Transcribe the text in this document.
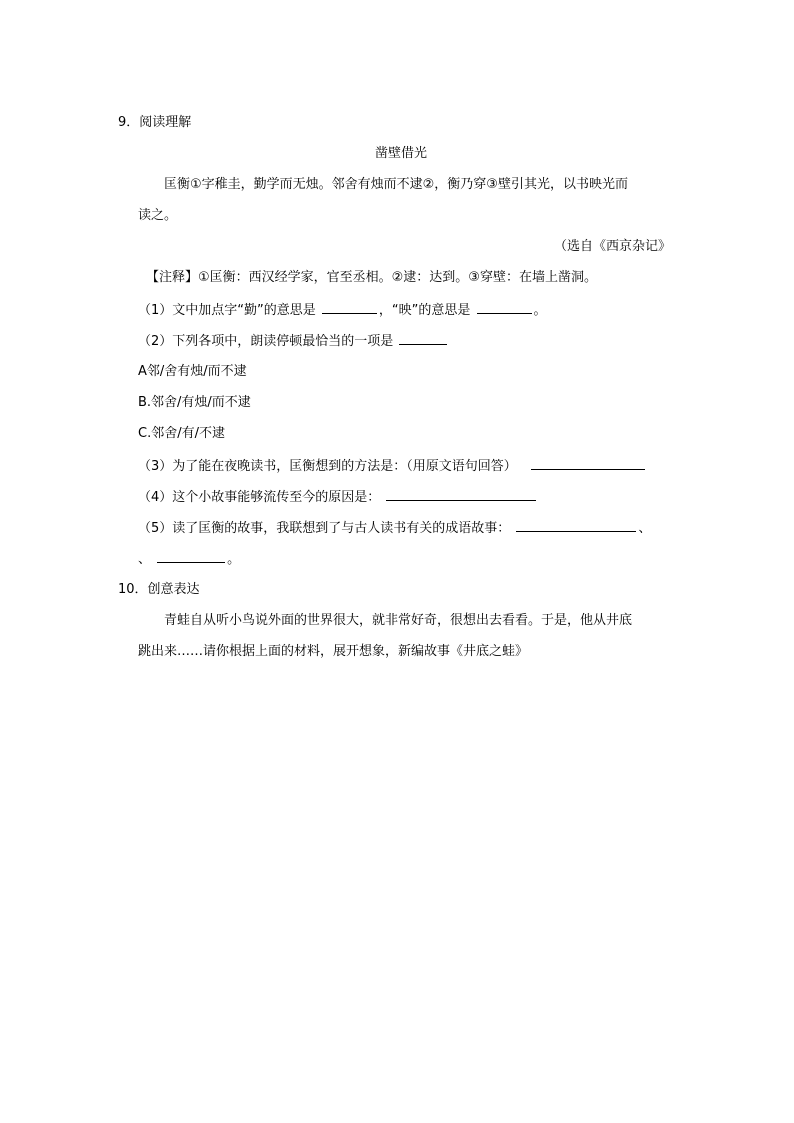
9．阅读理解
凿壁借光
匡衡①字稚圭，勤学而无烛。邻舍有烛而不逮②，衡乃穿③壁引其光，以书映光而
读之。
（选自《西京杂记》
【注释】①匡衡：西汉经学家，官至丞相。②逮：达到。③穿壁：在墙上凿洞。
（1）文中加点字“勤”的意思是	，“映”的意思是	。
（2）下列各项中，朗读停顿最恰当的一项是
A邻/舍有烛/而不逮
B.邻舍/有烛/而不逮
C.邻舍/有/不逮
（3）为了能在夜晚读书，匡衡想到的方法是：（用原文语句回答）
（4）这个小故事能够流传至今的原因是：
（5）读了匡衡的故事，我联想到了与古人读书有关的成语故事：	、
、	。
10．创意表达
青蛙自从听小鸟说外面的世界很大，就非常好奇，很想出去看看。于是，他从井底
跳出来……请你根据上面的材料，展开想象，新编故事《井底之蛙》
